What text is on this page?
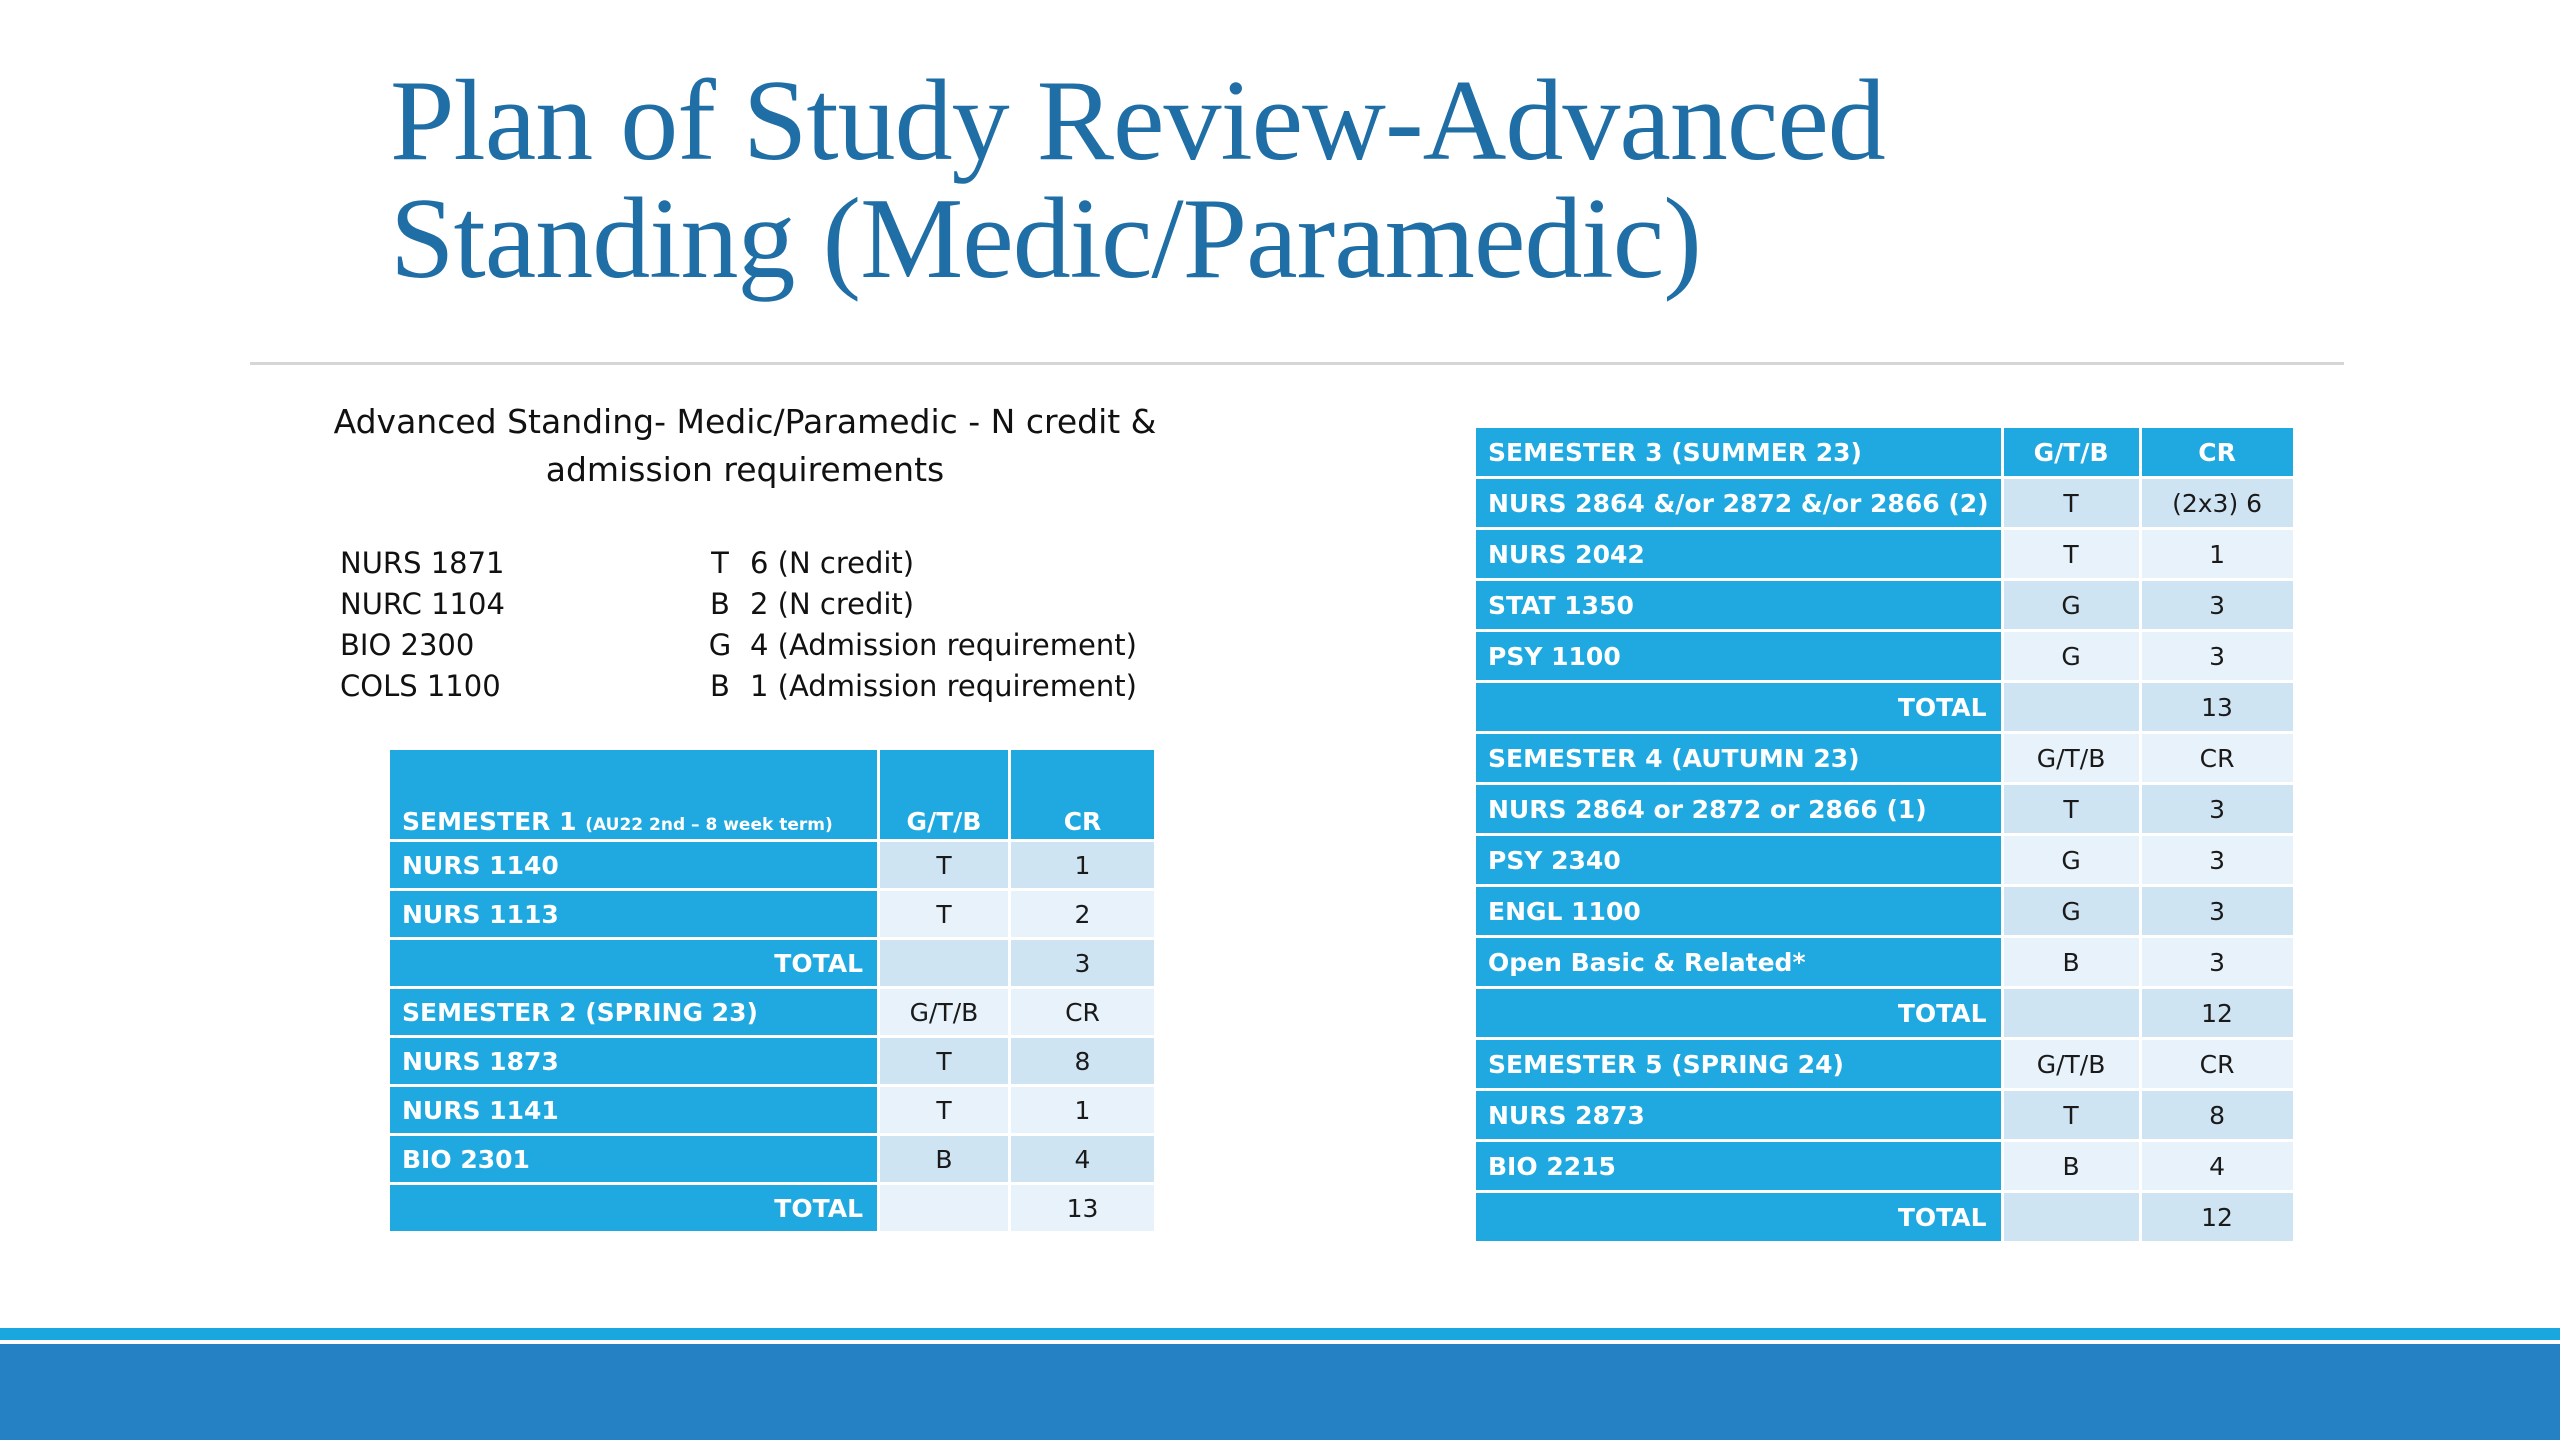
Plan of Study Review-Advanced
Standing (Medic/Paramedic)
Advanced Standing- Medic/Paramedic - N credit &
admission requirements
NURS 1871	T 6 (N credit)
NURC 1104	B 2 (N credit)
BIO 2300	G 4 (Admission requirement)
COLS 1100	B 1 (Admission requirement)
SEMESTER 1 (AU22 2nd – 8 week term)	G/T/B	CR
NURS 1140	T	1
NURS 1113	T	2
TOTAL		3
SEMESTER 2 (SPRING 23)	G/T/B	CR
NURS 1873	T	8
NURS 1141	T	1
BIO 2301	B	4
TOTAL		13
SEMESTER 3 (SUMMER 23)	G/T/B	CR
NURS 2864 &/or 2872 &/or 2866 (2)	T	(2x3) 6
NURS 2042	T	1
STAT 1350	G	3
PSY 1100	G	3
TOTAL		13
SEMESTER 4 (AUTUMN 23)	G/T/B	CR
NURS 2864 or 2872 or 2866 (1)	T	3
PSY 2340	G	3
ENGL 1100	G	3
Open Basic & Related*	B	3
TOTAL		12
SEMESTER 5 (SPRING 24)	G/T/B	CR
NURS 2873	T	8
BIO 2215	B	4
TOTAL		12
